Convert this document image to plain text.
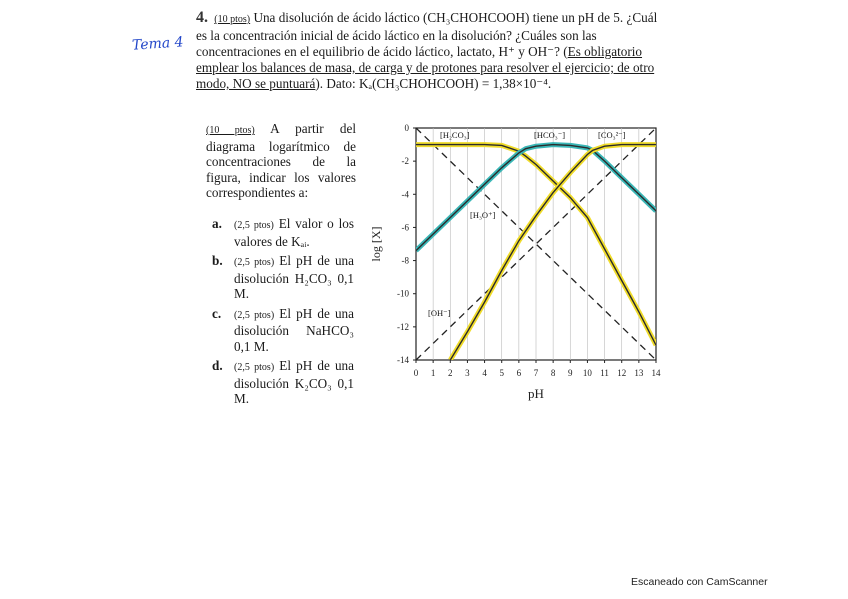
Tema 4
4. (10 ptos) Una disolución de ácido láctico (CH₃CHOHCOOH) tiene un pH de 5. ¿Cuál es la concentración inicial de ácido láctico en la disolución? ¿Cuáles son las concentraciones en el equilibrio de ácido láctico, lactato, H⁺ y OH⁻? (Es obligatorio emplear los balances de masa, de carga y de protones para resolver el ejercicio; de otro modo, NO se puntuará). Dato: Kₐ(CH₃CHOHCOOH) = 1,38×10⁻⁴.
(10 ptos) A partir del diagrama logarítmico de concentraciones de la figura, indicar los valores correspondientes a:
a.	(2,5 ptos) El valor o los valores de Kₐᵢ.
b.	(2,5 ptos) El pH de una disolución H₂CO₃ 0,1 M.
c.	(2,5 ptos) El pH de una disolución NaHCO₃ 0,1 M.
d.	(2,5 ptos) El pH de una disolución K₂CO₃ 0,1 M.
0 1 2 3 4 5 6 7 8 9 10 11 12 13 14
0
-2
-4
-6
-8
-10
-12
-14
pH
log [X]
[H₂CO₃]	[HCO₃⁻]	[CO₃²⁻]
[H₃O⁺]
[OH⁻]
Escaneado con CamScanner
